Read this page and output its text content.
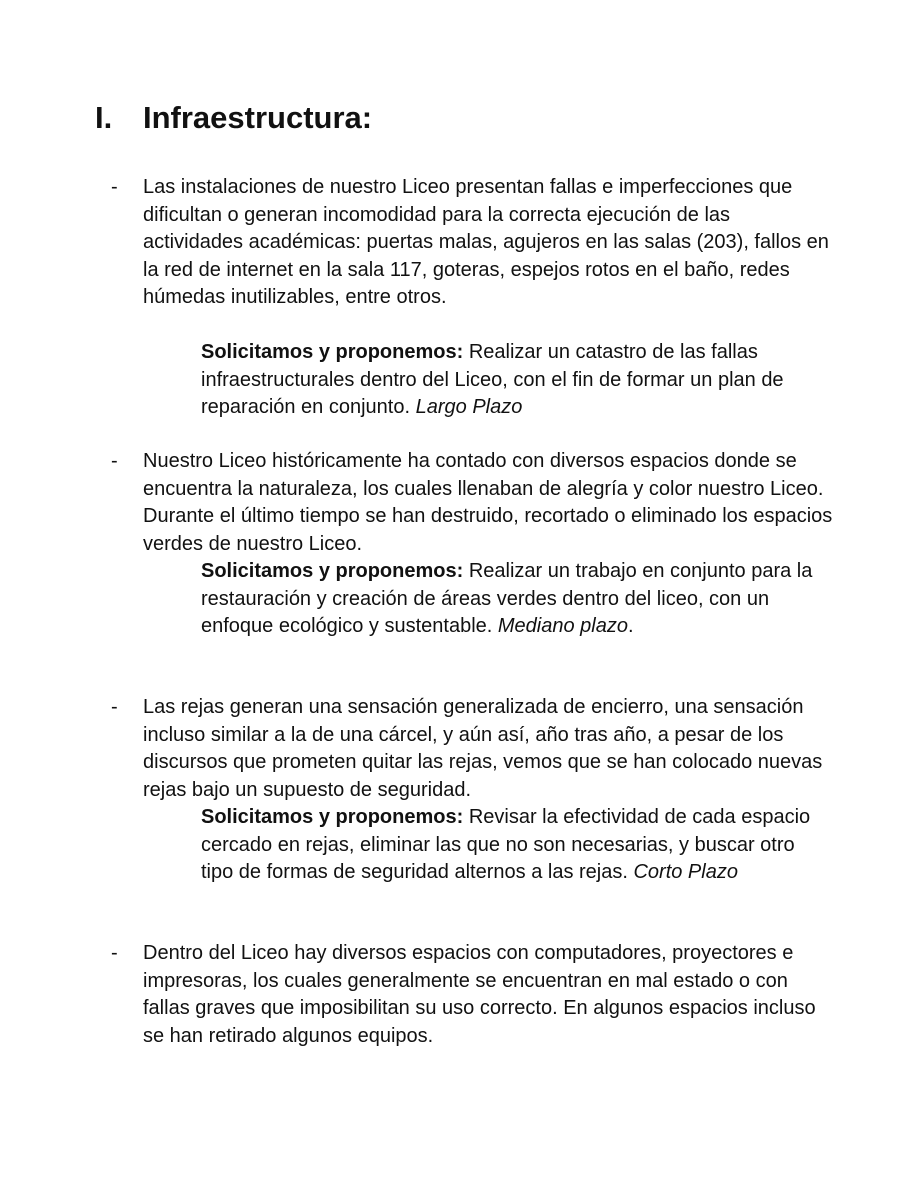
I. Infraestructura:
- Las instalaciones de nuestro Liceo presentan fallas e imperfecciones que dificultan o generan incomodidad para la correcta ejecución de las actividades académicas: puertas malas, agujeros en las salas (203), fallos en la red de internet en la sala 117, goteras, espejos rotos en el baño, redes húmedas inutilizables, entre otros.

Solicitamos y proponemos: Realizar un catastro de las fallas infraestructurales dentro del Liceo, con el fin de formar un plan de reparación en conjunto. Largo Plazo

- Nuestro Liceo históricamente ha contado con diversos espacios donde se encuentra la naturaleza, los cuales llenaban de alegría y color nuestro Liceo. Durante el último tiempo se han destruido, recortado o eliminado los espacios verdes de nuestro Liceo.

Solicitamos y proponemos: Realizar un trabajo en conjunto para la restauración y creación de áreas verdes dentro del liceo, con un enfoque ecológico y sustentable. Mediano plazo.

- Las rejas generan una sensación generalizada de encierro, una sensación incluso similar a la de una cárcel, y aún así, año tras año, a pesar de los discursos que prometen quitar las rejas, vemos que se han colocado nuevas rejas bajo un supuesto de seguridad.

Solicitamos y proponemos: Revisar la efectividad de cada espacio cercado en rejas, eliminar las que no son necesarias, y buscar otro tipo de formas de seguridad alternos a las rejas. Corto Plazo

- Dentro del Liceo hay diversos espacios con computadores, proyectores e impresoras, los cuales generalmente se encuentran en mal estado o con fallas graves que imposibilitan su uso correcto. En algunos espacios incluso se han retirado algunos equipos.
